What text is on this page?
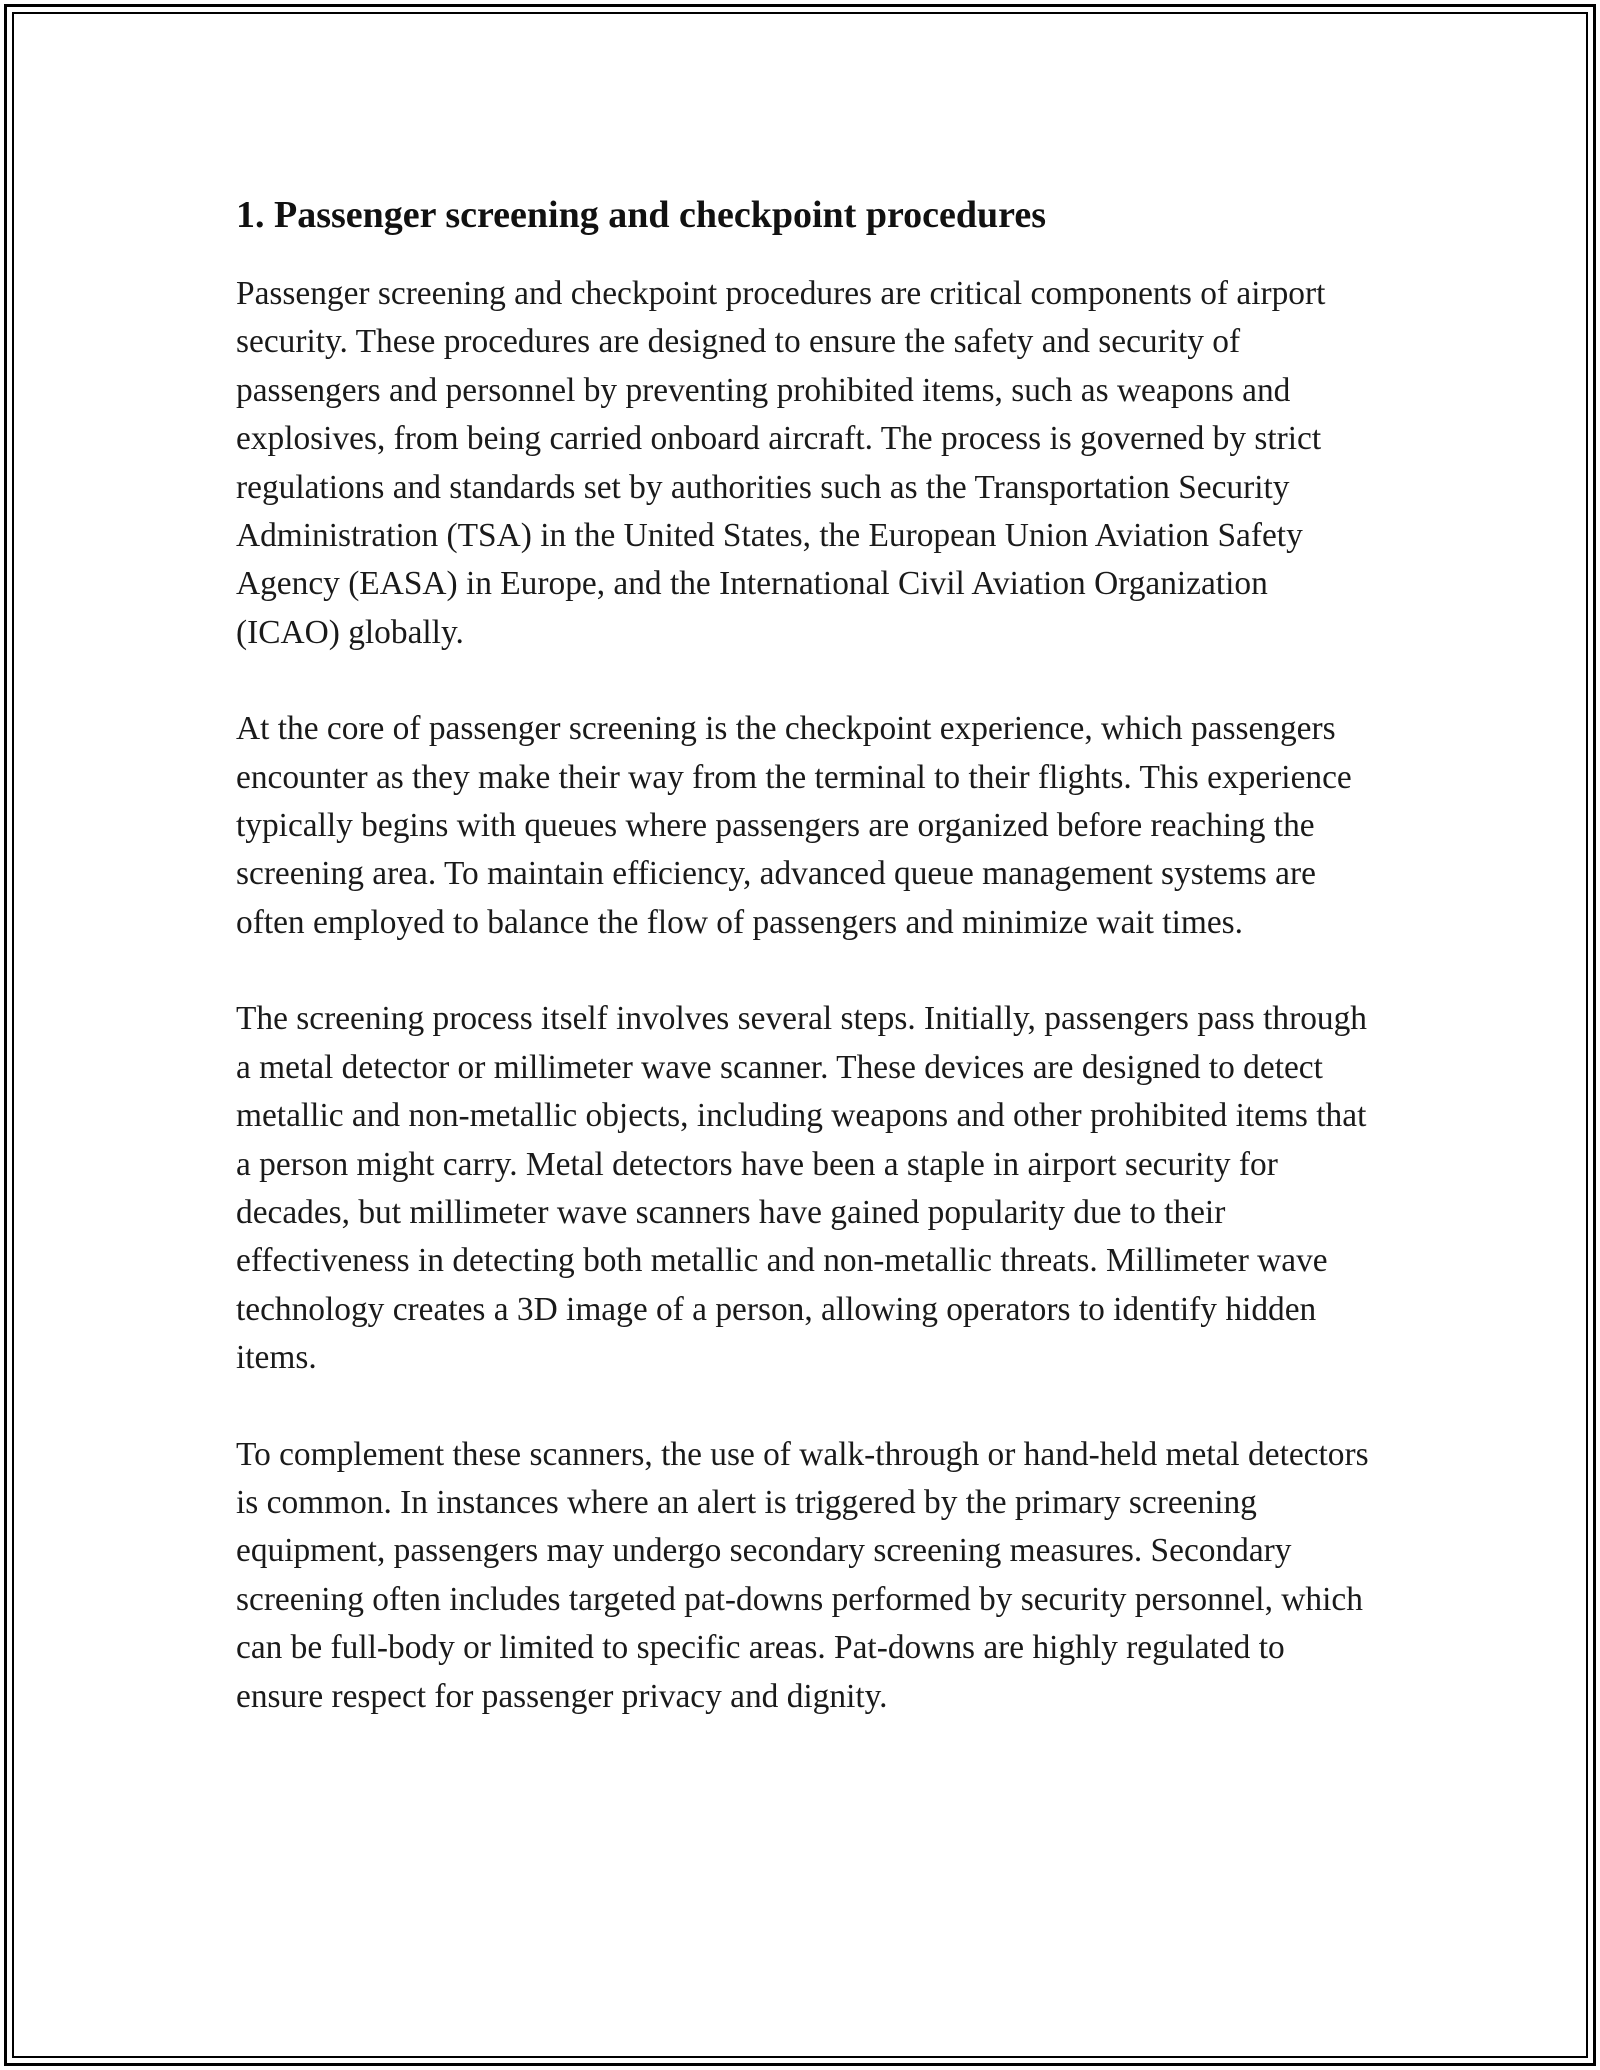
1. Passenger screening and checkpoint procedures

Passenger screening and checkpoint procedures are critical components of airport security. These procedures are designed to ensure the safety and security of passengers and personnel by preventing prohibited items, such as weapons and explosives, from being carried onboard aircraft. The process is governed by strict regulations and standards set by authorities such as the Transportation Security Administration (TSA) in the United States, the European Union Aviation Safety Agency (EASA) in Europe, and the International Civil Aviation Organization (ICAO) globally.

At the core of passenger screening is the checkpoint experience, which passengers encounter as they make their way from the terminal to their flights. This experience typically begins with queues where passengers are organized before reaching the screening area. To maintain efficiency, advanced queue management systems are often employed to balance the flow of passengers and minimize wait times.

The screening process itself involves several steps. Initially, passengers pass through a metal detector or millimeter wave scanner. These devices are designed to detect metallic and non-metallic objects, including weapons and other prohibited items that a person might carry. Metal detectors have been a staple in airport security for decades, but millimeter wave scanners have gained popularity due to their effectiveness in detecting both metallic and non-metallic threats. Millimeter wave technology creates a 3D image of a person, allowing operators to identify hidden items.

To complement these scanners, the use of walk-through or hand-held metal detectors is common. In instances where an alert is triggered by the primary screening equipment, passengers may undergo secondary screening measures. Secondary screening often includes targeted pat-downs performed by security personnel, which can be full-body or limited to specific areas. Pat-downs are highly regulated to ensure respect for passenger privacy and dignity.
